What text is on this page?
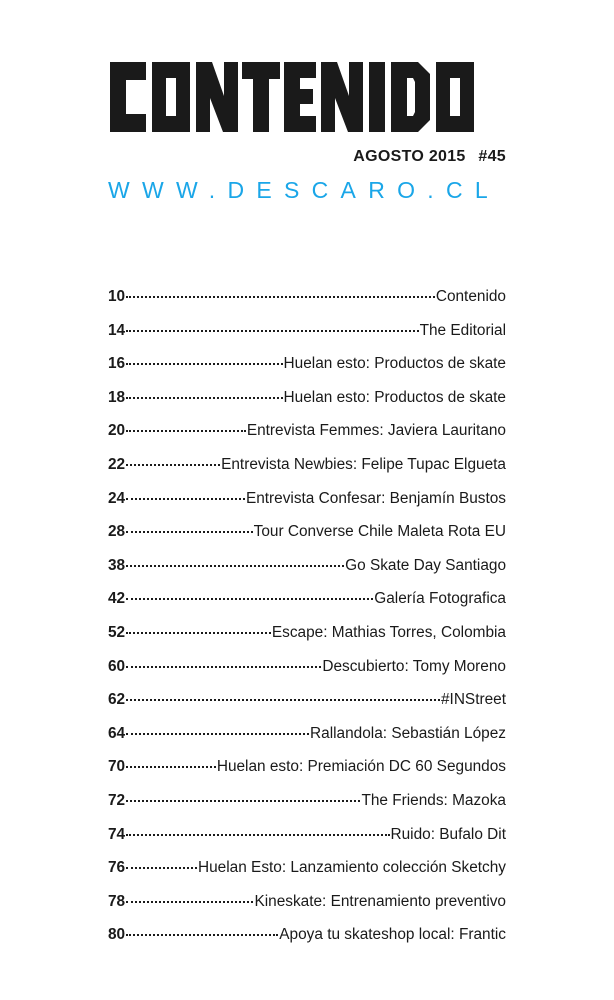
AGOSTO 2015 #45
WWW.DESCARO.CL
10	Contenido
14	The Editorial
16	Huelan esto: Productos de skate
18	Huelan esto: Productos de skate
20	Entrevista Femmes: Javiera Lauritano
22	Entrevista Newbies: Felipe Tupac Elgueta
24	Entrevista Confesar: Benjamín Bustos
28	Tour Converse Chile Maleta Rota EU
38	Go Skate Day Santiago
42	Galería Fotografica
52	Escape: Mathias Torres, Colombia
60	Descubierto: Tomy Moreno
62	#INStreet
64	Rallandola: Sebastián López
70	Huelan esto: Premiación DC 60 Segundos
72	The Friends: Mazoka
74	Ruido: Bufalo Dit
76	Huelan Esto: Lanzamiento colección Sketchy
78	Kineskate: Entrenamiento preventivo
80	Apoya tu skateshop local: Frantic
